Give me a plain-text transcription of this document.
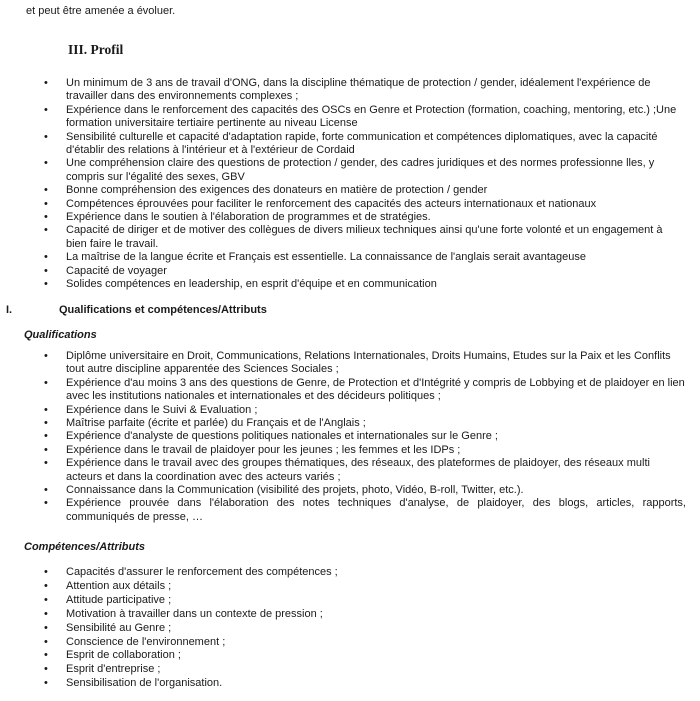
et peut être amenée a évoluer.
III. Profil
• Un minimum de 3 ans de travail d'ONG, dans la discipline thématique de protection / gender, idéalement l'expérience de travailler dans des environnements complexes ;
• Expérience dans le renforcement des capacités des OSCs en Genre et Protection (formation, coaching, mentoring, etc.) ;Une formation universitaire tertiaire pertinente au niveau License
• Sensibilité culturelle et capacité d'adaptation rapide, forte communication et compétences diplomatiques, avec la capacité d'établir des relations à l'intérieur et à l'extérieur de Cordaid
• Une compréhension claire des questions de protection / gender, des cadres juridiques et des normes professionne lles, y compris sur l'égalité des sexes, GBV
• Bonne compréhension des exigences des donateurs en matière de protection / gender
• Compétences éprouvées pour faciliter le renforcement des capacités des acteurs internationaux et nationaux
• Expérience dans le soutien à l'élaboration de programmes et de stratégies.
• Capacité de diriger et de motiver des collègues de divers milieux techniques ainsi qu'une forte volonté et un engagement à bien faire le travail.
• La maîtrise de la langue écrite et Français est essentielle. La connaissance de l'anglais serait avantageuse
• Capacité de voyager
• Solides compétences en leadership, en esprit d'équipe et en communication
I.	Qualifications et compétences/Attributs
Qualifications
• Diplôme universitaire en Droit, Communications, Relations Internationales, Droits Humains, Etudes sur la Paix et les Conflits tout autre discipline apparentée des Sciences Sociales ;
• Expérience d'au moins 3 ans des questions de Genre, de Protection et d'Intégrité y compris de Lobbying et de plaidoyer en lien avec les institutions nationales et internationales et des décideurs politiques ;
• Expérience dans le Suivi & Evaluation ;
• Maîtrise parfaite (écrite et parlée) du Français et de l'Anglais ;
• Expérience d'analyste de questions politiques nationales et internationales sur le Genre ;
• Expérience dans le travail de plaidoyer pour les jeunes ; les femmes et les IDPs ;
• Expérience dans le travail avec des groupes thématiques, des réseaux, des plateformes de plaidoyer, des réseaux multi acteurs et dans la coordination avec des acteurs variés ;
• Connaissance dans la Communication (visibilité des projets, photo, Vidéo, B-roll, Twitter, etc.).
• Expérience prouvée dans l'élaboration des notes techniques d'analyse, de plaidoyer, des blogs, articles, rapports, communiqués de presse, …
Compétences/Attributs
• Capacités d'assurer le renforcement des compétences ;
• Attention aux détails ;
• Attitude participative ;
• Motivation à travailler dans un contexte de pression ;
• Sensibilité au Genre ;
• Conscience de l'environnement ;
• Esprit de collaboration ;
• Esprit d'entreprise ;
• Sensibilisation de l'organisation.
